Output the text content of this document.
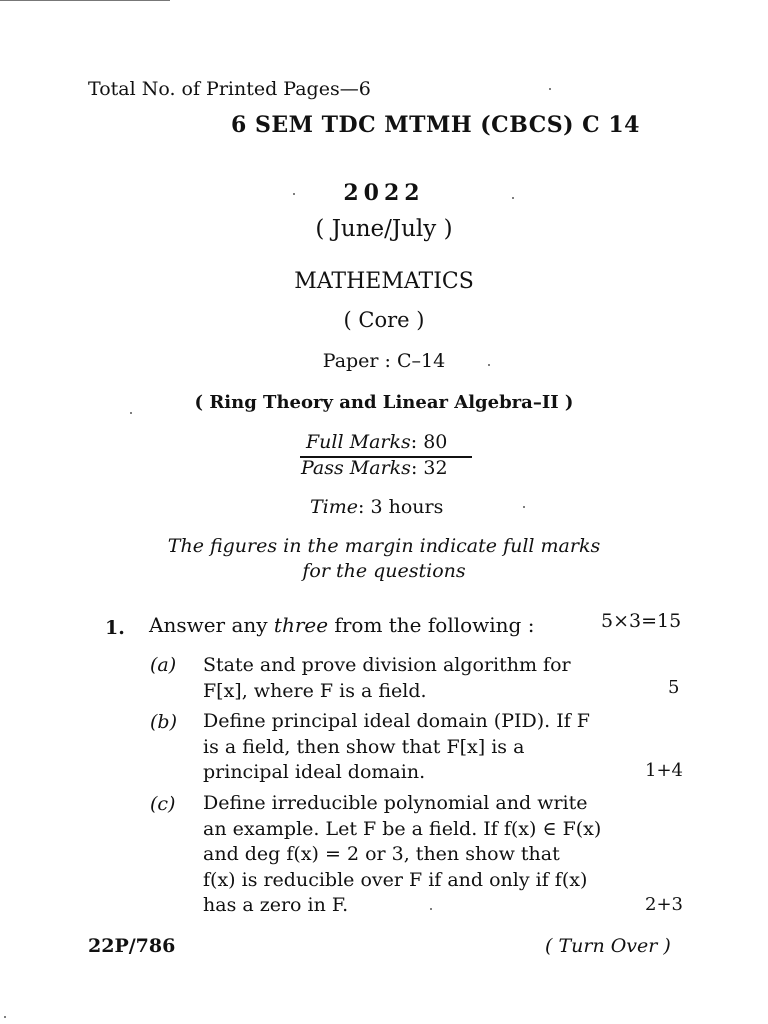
Total No. of Printed Pages—6
6 SEM TDC MTMH (CBCS) C 14
2022
( June/July )
MATHEMATICS
( Core )
Paper : C–14
( Ring Theory and Linear Algebra–II )
Full Marks: 80
Pass Marks: 32
Time: 3 hours
The figures in the margin indicate full marks
for the questions
1. Answer any three from the following :	5×3=15
(a) State and prove division algorithm for
F[x], where F is a field.	5
(b) Define principal ideal domain (PID). If F
is a field, then show that F[x] is a
principal ideal domain.	1+4
(c) Define irreducible polynomial and write
an example. Let F be a field. If f(x) ∈ F(x)
and deg f(x) = 2 or 3, then show that
f(x) is reducible over F if and only if f(x)
has a zero in F.	2+3
22P/786	( Turn Over )
